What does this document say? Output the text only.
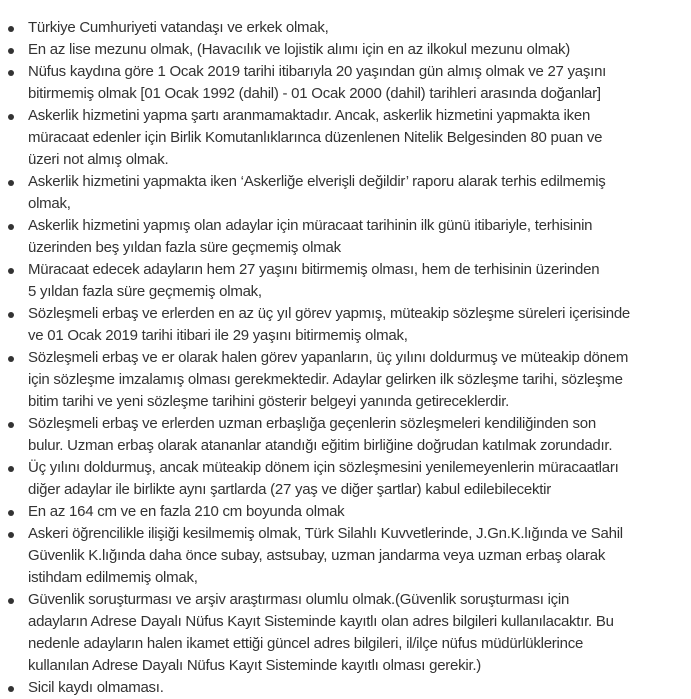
Türkiye Cumhuriyeti vatandaşı ve erkek olmak,
En az lise mezunu olmak, (Havacılık ve lojistik alımı için en az ilkokul mezunu olmak)
Nüfus kaydına göre 1 Ocak 2019 tarihi itibarıyla 20 yaşından gün almış olmak ve 27 yaşını
bitirmemiş olmak [01 Ocak 1992 (dahil) - 01 Ocak 2000 (dahil) tarihleri arasında doğanlar]
Askerlik hizmetini yapma şartı aranmamaktadır. Ancak, askerlik hizmetini yapmakta iken
müracaat edenler için Birlik Komutanlıklarınca düzenlenen Nitelik Belgesinden 80 puan ve
üzeri not almış olmak.
Askerlik hizmetini yapmakta iken ‘Askerliğe elverişli değildir’ raporu alarak terhis edilmemiş
olmak,
Askerlik hizmetini yapmış olan adaylar için müracaat tarihinin ilk günü itibariyle, terhisinin
üzerinden beş yıldan fazla süre geçmemiş olmak
Müracaat edecek adayların hem 27 yaşını bitirmemiş olması, hem de terhisinin üzerinden
5 yıldan fazla süre geçmemiş olmak,
Sözleşmeli erbaş ve erlerden en az üç yıl görev yapmış, müteakip sözleşme süreleri içerisinde
ve 01 Ocak 2019 tarihi itibari ile 29 yaşını bitirmemiş olmak,
Sözleşmeli erbaş ve er olarak halen görev yapanların, üç yılını doldurmuş ve müteakip dönem
için sözleşme imzalamış olması gerekmektedir. Adaylar gelirken ilk sözleşme tarihi, sözleşme
bitim tarihi ve yeni sözleşme tarihini gösterir belgeyi yanında getireceklerdir.
Sözleşmeli erbaş ve erlerden uzman erbaşlığa geçenlerin sözleşmeleri kendiliğinden son
bulur. Uzman erbaş olarak atananlar atandığı eğitim birliğine doğrudan katılmak zorundadır.
Üç yılını doldurmuş, ancak müteakip dönem için sözleşmesini yenilemeyenlerin müracaatları
diğer adaylar ile birlikte aynı şartlarda (27 yaş ve diğer şartlar) kabul edilebilecektir
En az 164 cm ve en fazla 210 cm boyunda olmak
Askeri öğrencilikle ilişiği kesilmemiş olmak, Türk Silahlı Kuvvetlerinde, J.Gn.K.lığında ve Sahil
Güvenlik K.lığında daha önce subay, astsubay, uzman jandarma veya uzman erbaş olarak
istihdam edilmemiş olmak,
Güvenlik soruşturması ve arşiv araştırması olumlu olmak.(Güvenlik soruşturması için
adayların Adrese Dayalı Nüfus Kayıt Sisteminde kayıtlı olan adres bilgileri kullanılacaktır. Bu
nedenle adayların halen ikamet ettiği güncel adres bilgileri, il/ilçe nüfus müdürlüklerince
kullanılan Adrese Dayalı Nüfus Kayıt Sisteminde kayıtlı olması gerekir.)
Sicil kaydı olmaması.
